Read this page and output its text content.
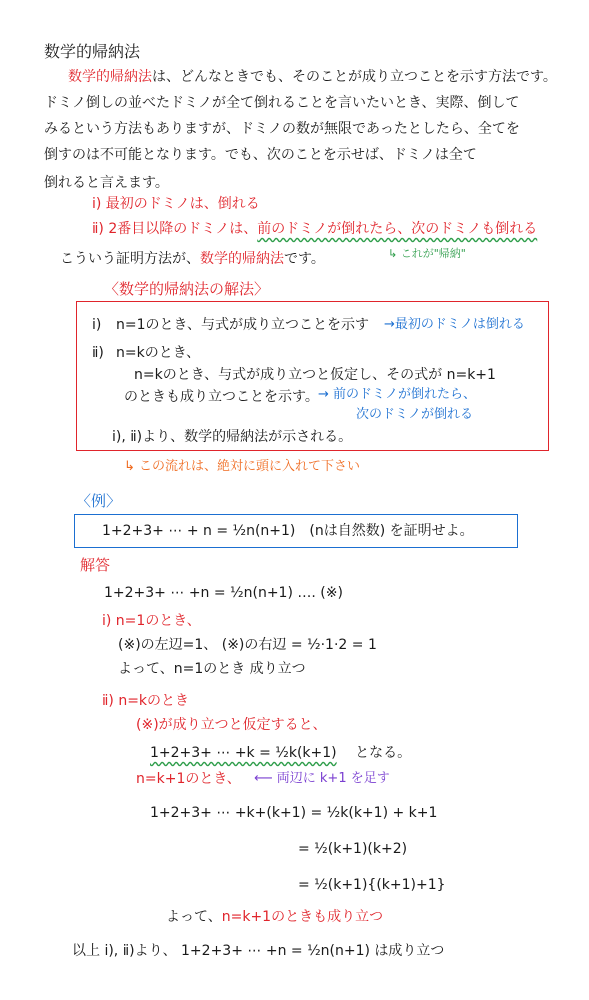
数学的帰納法
数学的帰納法は、どんなときでも、そのことが成り立つことを示す方法です。
ドミノ倒しの並べたドミノが全て倒れることを言いたいとき、実際、倒して
みるという方法もありますが、ドミノの数が無限であったとしたら、全てを
倒すのは不可能となります。でも、次のことを示せば、ドミノは全て
倒れると言えます。
ⅰ) 最初のドミノは、倒れる
ⅱ) 2番目以降のドミノは、前のドミノが倒れたら、次のドミノも倒れる
こういう証明方法が、数学的帰納法です。	↳ これが"帰納"
〈数学的帰納法の解法〉
ⅰ) n=1のとき、与式が成り立つことを示す →最初のドミノは倒れる
ⅱ) n=kのとき、
n=kのとき、与式が成り立つと仮定し、その式が n=k+1
のときも成り立つことを示す。 → 前のドミノが倒れたら、
次のドミノが倒れる
ⅰ), ⅱ)より、数学的帰納法が示される。
↳ この流れは、絶対に頭に入れて下さい
〈例〉
1+2+3+ ⋯ + n = ½n(n+1)　(nは自然数) を証明せよ。
解答
1+2+3+ ⋯ +n = ½n(n+1) …. (※)
ⅰ) n=1のとき、
(※)の左辺=1、 (※)の右辺 = ½·1·2 = 1
よって、n=1のとき 成り立つ
ⅱ) n=kのとき
(※)が成り立つと仮定すると、
1+2+3+ ⋯ +k = ½k(k+1) となる。
n=k+1のとき、 ⟵ 両辺に k+1 を足す
1+2+3+ ⋯ +k+(k+1) = ½k(k+1) + k+1
= ½(k+1)(k+2)
= ½(k+1){(k+1)+1}
よって、n=k+1のときも成り立つ
以上 ⅰ), ⅱ)より、 1+2+3+ ⋯ +n = ½n(n+1) は成り立つ
